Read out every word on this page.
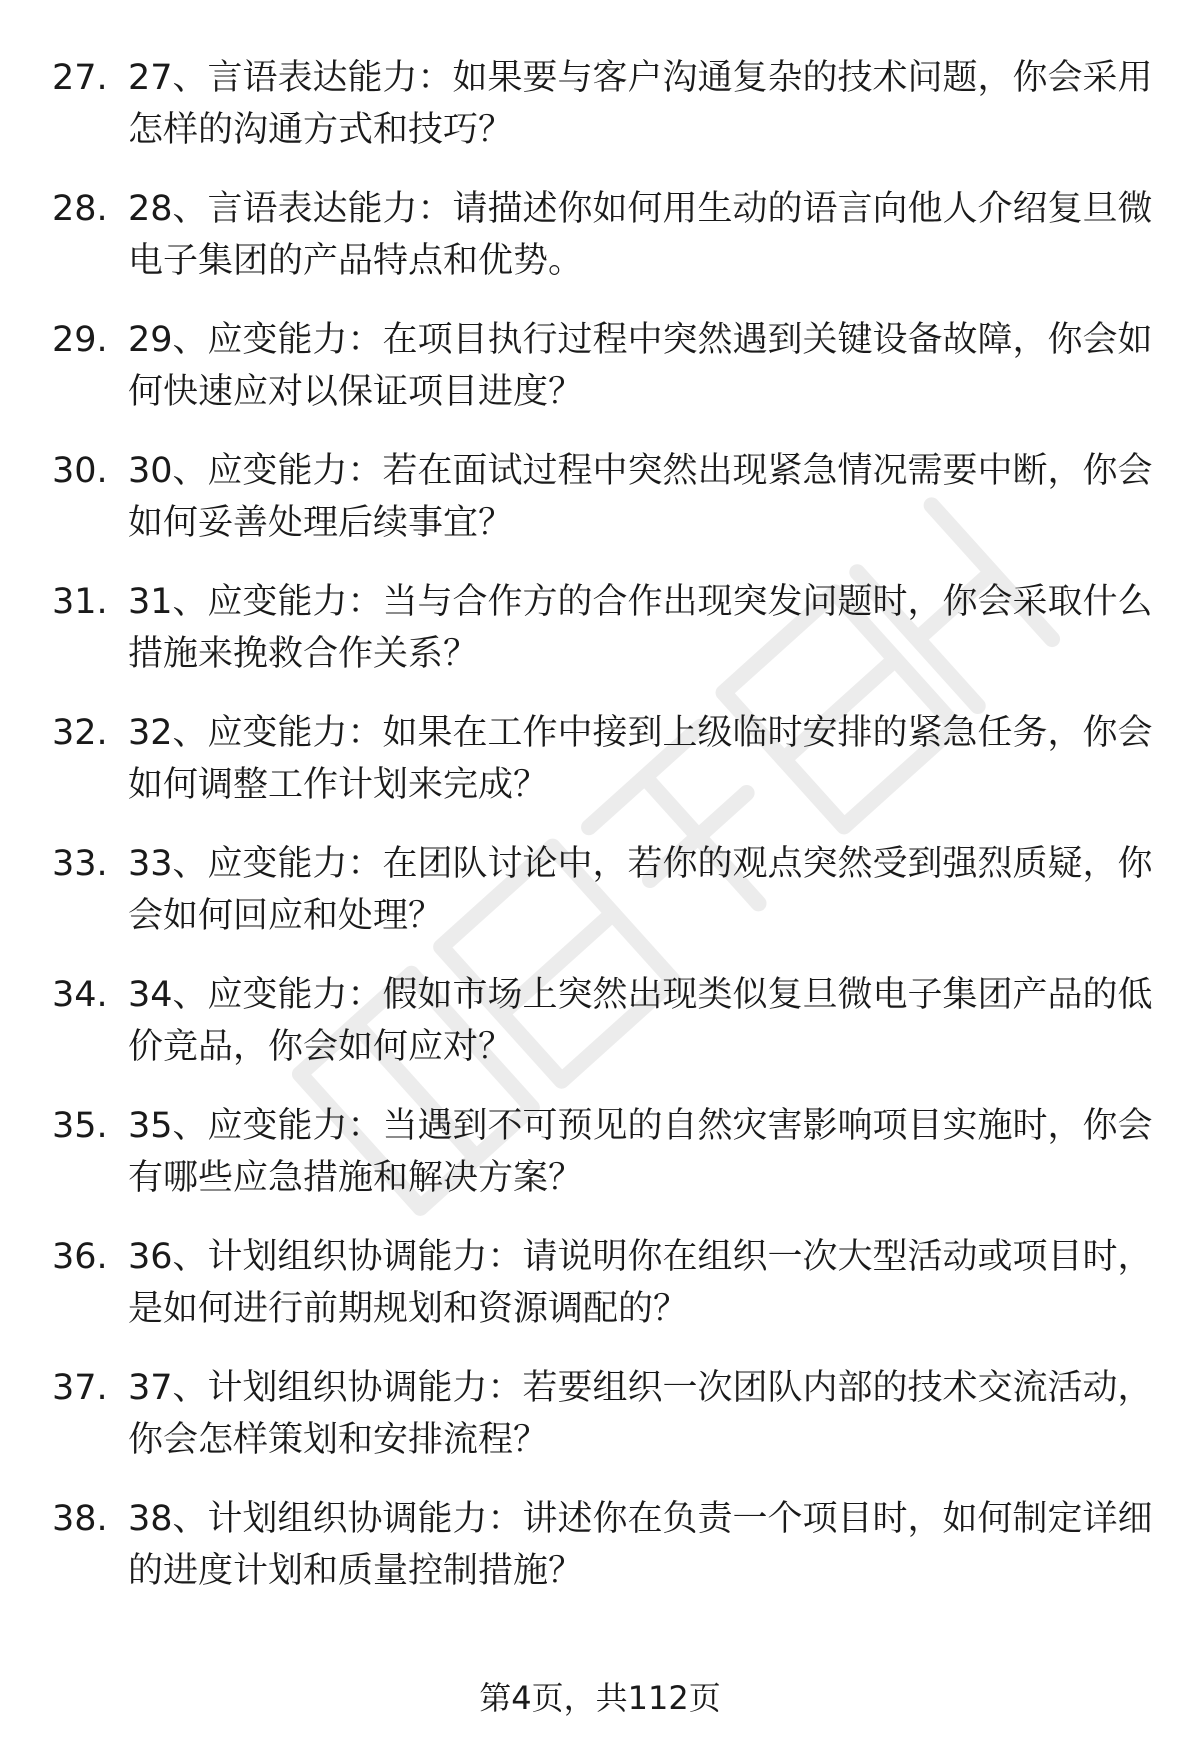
27. 27、言语表达能力：如果要与客户沟通复杂的技术问题，你会采用怎样的沟通方式和技巧？

28. 28、言语表达能力：请描述你如何用生动的语言向他人介绍复旦微电子集团的产品特点和优势。

29. 29、应变能力：在项目执行过程中突然遇到关键设备故障，你会如何快速应对以保证项目进度？

30. 30、应变能力：若在面试过程中突然出现紧急情况需要中断，你会如何妥善处理后续事宜？

31. 31、应变能力：当与合作方的合作出现突发问题时，你会采取什么措施来挽救合作关系？

32. 32、应变能力：如果在工作中接到上级临时安排的紧急任务，你会如何调整工作计划来完成？

33. 33、应变能力：在团队讨论中，若你的观点突然受到强烈质疑，你会如何回应和处理？

34. 34、应变能力：假如市场上突然出现类似复旦微电子集团产品的低价竞品，你会如何应对？

35. 35、应变能力：当遇到不可预见的自然灾害影响项目实施时，你会有哪些应急措施和解决方案？

36. 36、计划组织协调能力：请说明你在组织一次大型活动或项目时，是如何进行前期规划和资源调配的？

37. 37、计划组织协调能力：若要组织一次团队内部的技术交流活动，你会怎样策划和安排流程？

38. 38、计划组织协调能力：讲述你在负责一个项目时，如何制定详细的进度计划和质量控制措施？

第4页，共112页
